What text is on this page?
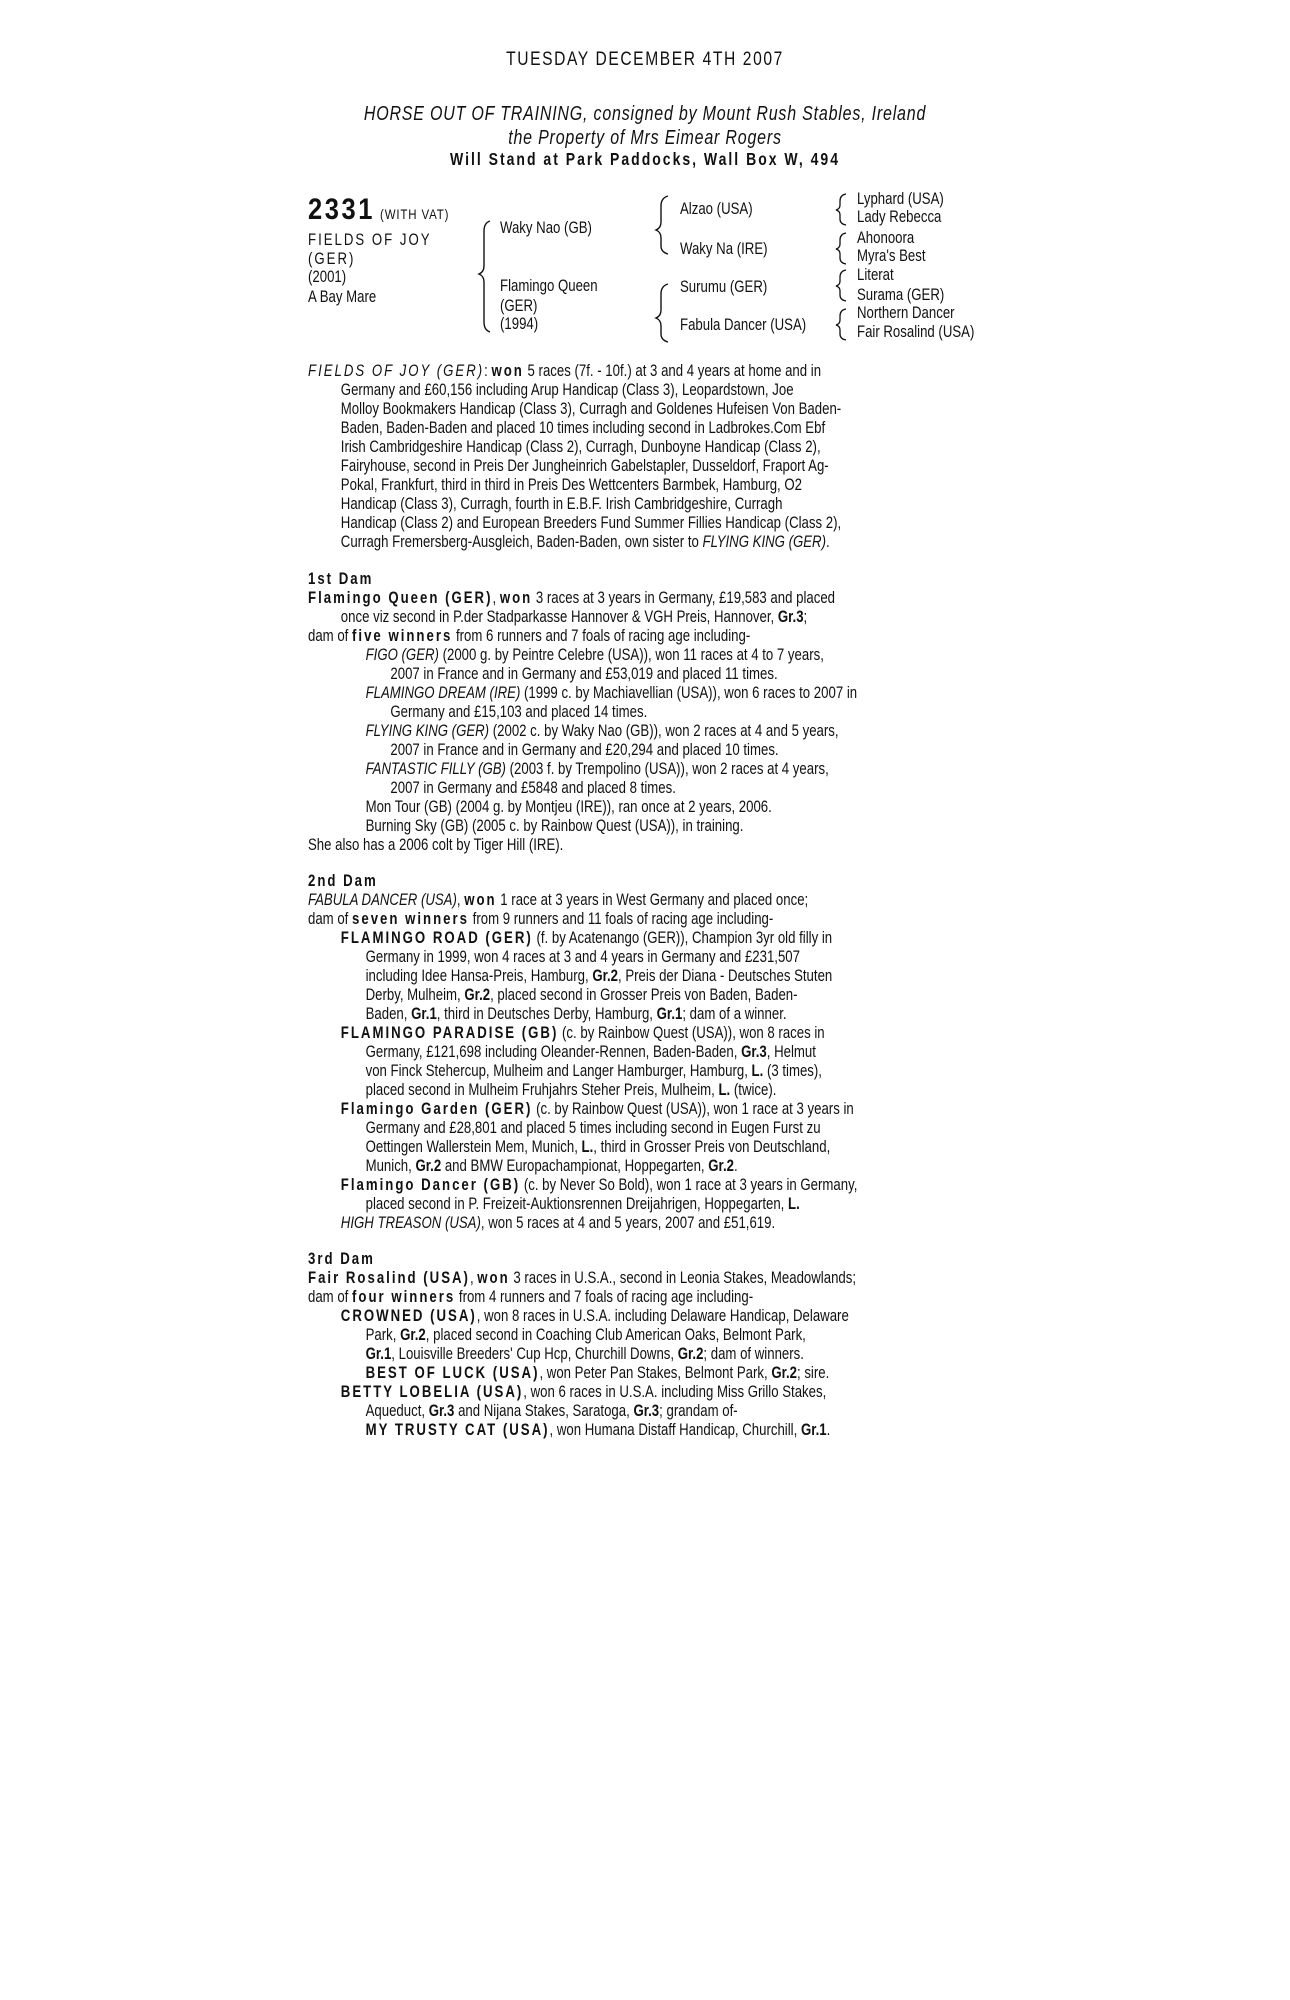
TUESDAY DECEMBER 4TH 2007
HORSE OUT OF TRAINING, consigned by Mount Rush Stables, Ireland
the Property of Mrs Eimear Rogers
Will Stand at Park Paddocks, Wall Box W, 494
2331 (WITH VAT)
FIELDS OF JOY
(GER)
(2001)
A Bay Mare
Waky Nao (GB)
Flamingo Queen
(GER)
(1994)
Alzao (USA)
Waky Na (IRE)
Surumu (GER)
Fabula Dancer (USA)
Lyphard (USA)
Lady Rebecca
Ahonoora
Myra's Best
Literat
Surama (GER)
Northern Dancer
Fair Rosalind (USA)
FIELDS OF JOY (GER): won 5 races (7f. - 10f.) at 3 and 4 years at home and in
Germany and £60,156 including Arup Handicap (Class 3), Leopardstown, Joe
Molloy Bookmakers Handicap (Class 3), Curragh and Goldenes Hufeisen Von Baden-
Baden, Baden-Baden and placed 10 times including second in Ladbrokes.Com Ebf
Irish Cambridgeshire Handicap (Class 2), Curragh, Dunboyne Handicap (Class 2),
Fairyhouse, second in Preis Der Jungheinrich Gabelstapler, Dusseldorf, Fraport Ag-
Pokal, Frankfurt, third in third in Preis Des Wettcenters Barmbek, Hamburg, O2
Handicap (Class 3), Curragh, fourth in E.B.F. Irish Cambridgeshire, Curragh
Handicap (Class 2) and European Breeders Fund Summer Fillies Handicap (Class 2),
Curragh Fremersberg-Ausgleich, Baden-Baden, own sister to FLYING KING (GER).
1st Dam
Flamingo Queen (GER), won 3 races at 3 years in Germany, £19,583 and placed
once viz second in P.der Stadparkasse Hannover & VGH Preis, Hannover, Gr.3;
dam of five winners from 6 runners and 7 foals of racing age including-
FIGO (GER) (2000 g. by Peintre Celebre (USA)), won 11 races at 4 to 7 years,
2007 in France and in Germany and £53,019 and placed 11 times.
FLAMINGO DREAM (IRE) (1999 c. by Machiavellian (USA)), won 6 races to 2007 in
Germany and £15,103 and placed 14 times.
FLYING KING (GER) (2002 c. by Waky Nao (GB)), won 2 races at 4 and 5 years,
2007 in France and in Germany and £20,294 and placed 10 times.
FANTASTIC FILLY (GB) (2003 f. by Trempolino (USA)), won 2 races at 4 years,
2007 in Germany and £5848 and placed 8 times.
Mon Tour (GB) (2004 g. by Montjeu (IRE)), ran once at 2 years, 2006.
Burning Sky (GB) (2005 c. by Rainbow Quest (USA)), in training.
She also has a 2006 colt by Tiger Hill (IRE).
2nd Dam
FABULA DANCER (USA), won 1 race at 3 years in West Germany and placed once;
dam of seven winners from 9 runners and 11 foals of racing age including-
FLAMINGO ROAD (GER) (f. by Acatenango (GER)), Champion 3yr old filly in
Germany in 1999, won 4 races at 3 and 4 years in Germany and £231,507
including Idee Hansa-Preis, Hamburg, Gr.2, Preis der Diana - Deutsches Stuten
Derby, Mulheim, Gr.2, placed second in Grosser Preis von Baden, Baden-
Baden, Gr.1, third in Deutsches Derby, Hamburg, Gr.1; dam of a winner.
FLAMINGO PARADISE (GB) (c. by Rainbow Quest (USA)), won 8 races in
Germany, £121,698 including Oleander-Rennen, Baden-Baden, Gr.3, Helmut
von Finck Stehercup, Mulheim and Langer Hamburger, Hamburg, L. (3 times),
placed second in Mulheim Fruhjahrs Steher Preis, Mulheim, L. (twice).
Flamingo Garden (GER) (c. by Rainbow Quest (USA)), won 1 race at 3 years in
Germany and £28,801 and placed 5 times including second in Eugen Furst zu
Oettingen Wallerstein Mem, Munich, L., third in Grosser Preis von Deutschland,
Munich, Gr.2 and BMW Europachampionat, Hoppegarten, Gr.2.
Flamingo Dancer (GB) (c. by Never So Bold), won 1 race at 3 years in Germany,
placed second in P. Freizeit-Auktionsrennen Dreijahrigen, Hoppegarten, L.
HIGH TREASON (USA), won 5 races at 4 and 5 years, 2007 and £51,619.
3rd Dam
Fair Rosalind (USA), won 3 races in U.S.A., second in Leonia Stakes, Meadowlands;
dam of four winners from 4 runners and 7 foals of racing age including-
CROWNED (USA), won 8 races in U.S.A. including Delaware Handicap, Delaware
Park, Gr.2, placed second in Coaching Club American Oaks, Belmont Park,
Gr.1, Louisville Breeders' Cup Hcp, Churchill Downs, Gr.2; dam of winners.
BEST OF LUCK (USA), won Peter Pan Stakes, Belmont Park, Gr.2; sire.
BETTY LOBELIA (USA), won 6 races in U.S.A. including Miss Grillo Stakes,
Aqueduct, Gr.3 and Nijana Stakes, Saratoga, Gr.3; grandam of-
MY TRUSTY CAT (USA), won Humana Distaff Handicap, Churchill, Gr.1.
